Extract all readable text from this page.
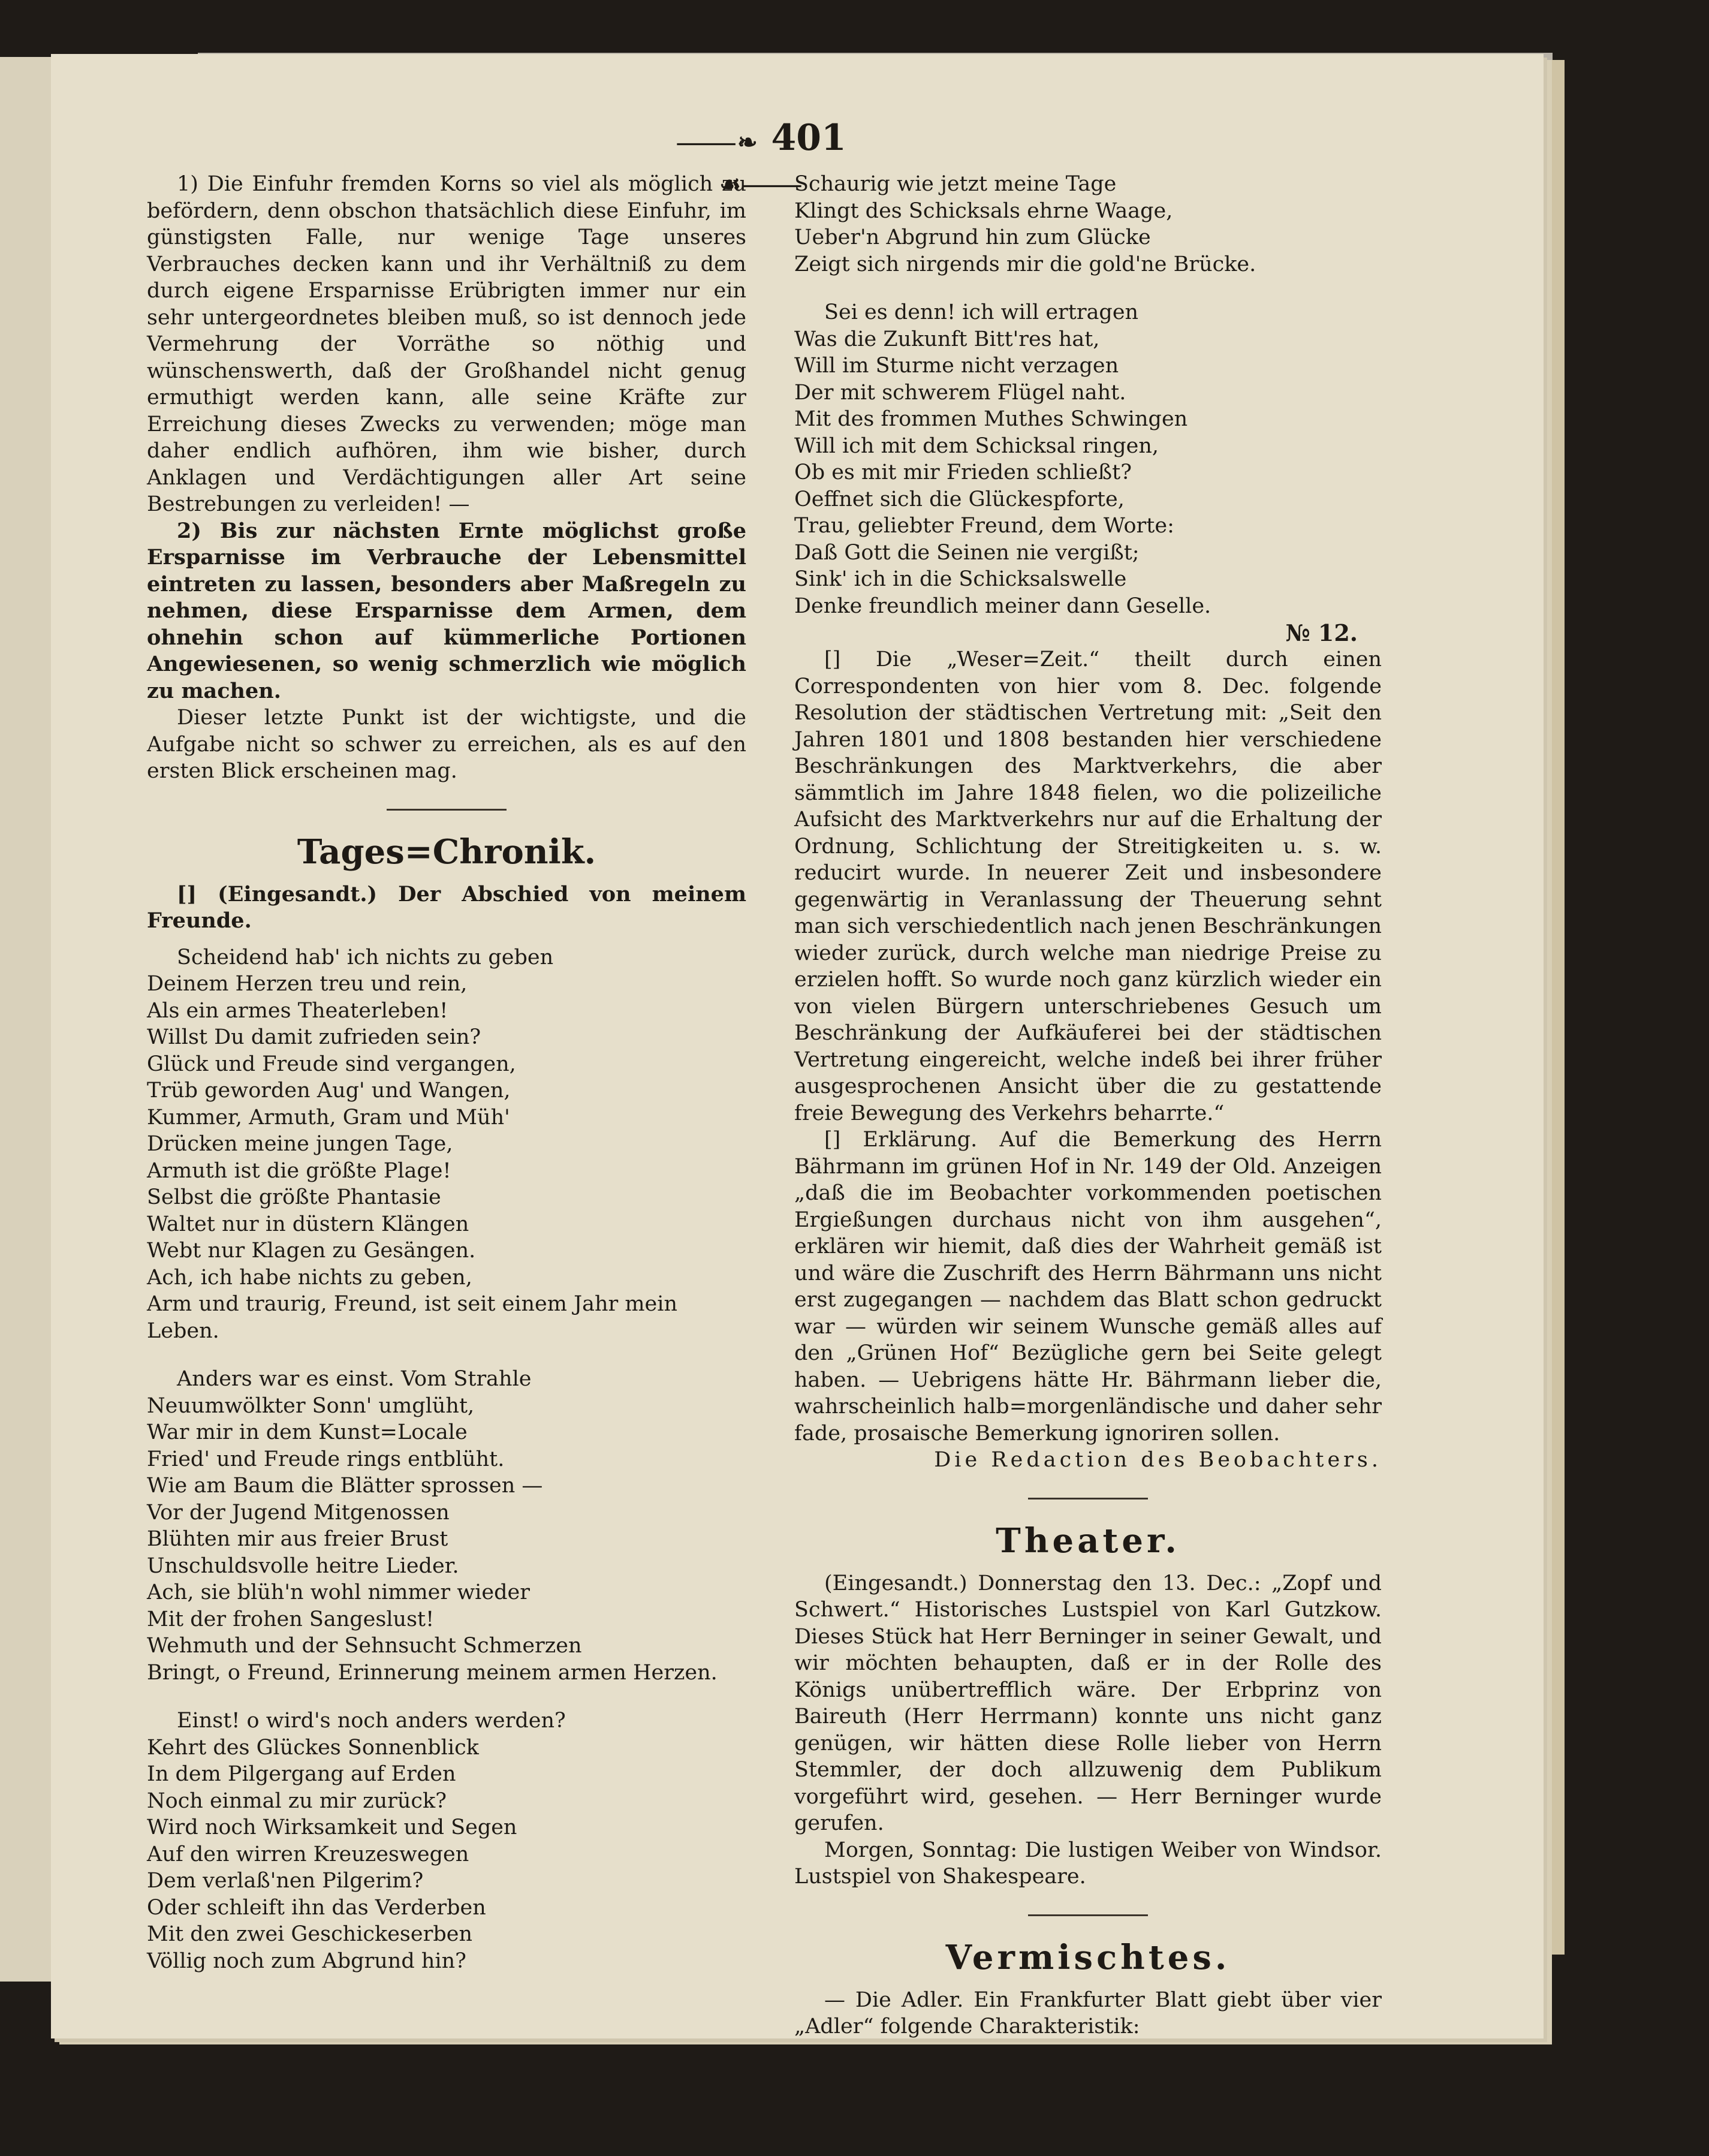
⸻❧ 401 ☙⸻

1) Die Einfuhr fremden Korns so viel als möglich zu befördern, denn obschon thatsächlich diese Einfuhr, im günstigsten Falle, nur wenige Tage unseres Verbrauches decken kann und ihr Verhältniß zu dem durch eigene Ersparnisse Erübrigten immer nur ein sehr untergeordnetes bleiben muß, so ist dennoch jede Vermehrung der Vorräthe so nöthig und wünschenswerth, daß der Großhandel nicht genug ermuthigt werden kann, alle seine Kräfte zur Erreichung dieses Zwecks zu verwenden; möge man daher endlich aufhören, ihm wie bisher, durch Anklagen und Verdächtigungen aller Art seine Bestrebungen zu verleiden! —

2) Bis zur nächsten Ernte möglichst große Ersparnisse im Verbrauche der Lebensmittel eintreten zu lassen, besonders aber Maßregeln zu nehmen, diese Ersparnisse dem Armen, dem ohnehin schon auf kümmerliche Portionen Angewiesenen, so wenig schmerzlich wie möglich zu machen.

Dieser letzte Punkt ist der wichtigste, und die Aufgabe nicht so schwer zu erreichen, als es auf den ersten Blick erscheinen mag.

Tages=Chronik.

[] (Eingesandt.) Der Abschied von meinem Freunde.

Scheidend hab' ich nichts zu geben

Deinem Herzen treu und rein,

Als ein armes Theaterleben!

Willst Du damit zufrieden sein?

Glück und Freude sind vergangen,

Trüb geworden Aug' und Wangen,

Kummer, Armuth, Gram und Müh'

Drücken meine jungen Tage,

Armuth ist die größte Plage!

Selbst die größte Phantasie

Waltet nur in düstern Klängen

Webt nur Klagen zu Gesängen.

Ach, ich habe nichts zu geben,

Arm und traurig, Freund, ist seit einem Jahr mein Leben.

Anders war es einst. Vom Strahle

Neuumwölkter Sonn' umglüht,

War mir in dem Kunst=Locale

Fried' und Freude rings entblüht.

Wie am Baum die Blätter sprossen —

Vor der Jugend Mitgenossen

Blühten mir aus freier Brust

Unschuldsvolle heitre Lieder.

Ach, sie blüh'n wohl nimmer wieder

Mit der frohen Sangeslust!

Wehmuth und der Sehnsucht Schmerzen

Bringt, o Freund, Erinnerung meinem armen Herzen.

Einst! o wird's noch anders werden?

Kehrt des Glückes Sonnenblick

In dem Pilgergang auf Erden

Noch einmal zu mir zurück?

Wird noch Wirksamkeit und Segen

Auf den wirren Kreuzeswegen

Dem verlaß'nen Pilgerim?

Oder schleift ihn das Verderben

Mit den zwei Geschickeserben

Völlig noch zum Abgrund hin?

Schaurig wie jetzt meine Tage

Klingt des Schicksals ehrne Waage,

Ueber'n Abgrund hin zum Glücke

Zeigt sich nirgends mir die gold'ne Brücke.

Sei es denn! ich will ertragen

Was die Zukunft Bitt'res hat,

Will im Sturme nicht verzagen

Der mit schwerem Flügel naht.

Mit des frommen Muthes Schwingen

Will ich mit dem Schicksal ringen,

Ob es mit mir Frieden schließt?

Oeffnet sich die Glückespforte,

Trau, geliebter Freund, dem Worte:

Daß Gott die Seinen nie vergißt;

Sink' ich in die Schicksalswelle

Denke freundlich meiner dann Geselle.

№ 12.

[] Die „Weser=Zeit.“ theilt durch einen Correspondenten von hier vom 8. Dec. folgende Resolution der städtischen Vertretung mit: „Seit den Jahren 1801 und 1808 bestanden hier verschiedene Beschränkungen des Marktverkehrs, die aber sämmtlich im Jahre 1848 fielen, wo die polizeiliche Aufsicht des Marktverkehrs nur auf die Erhaltung der Ordnung, Schlichtung der Streitigkeiten u. s. w. reducirt wurde. In neuerer Zeit und insbesondere gegenwärtig in Veranlassung der Theuerung sehnt man sich verschiedentlich nach jenen Beschränkungen wieder zurück, durch welche man niedrige Preise zu erzielen hofft. So wurde noch ganz kürzlich wieder ein von vielen Bürgern unterschriebenes Gesuch um Beschränkung der Aufkäuferei bei der städtischen Vertretung eingereicht, welche indeß bei ihrer früher ausgesprochenen Ansicht über die zu gestattende freie Bewegung des Verkehrs beharrte.“

[] Erklärung. Auf die Bemerkung des Herrn Bährmann im grünen Hof in Nr. 149 der Old. Anzeigen „daß die im Beobachter vorkommenden poetischen Ergießungen durchaus nicht von ihm ausgehen“, erklären wir hiemit, daß dies der Wahrheit gemäß ist und wäre die Zuschrift des Herrn Bährmann uns nicht erst zugegangen — nachdem das Blatt schon gedruckt war — würden wir seinem Wunsche gemäß alles auf den „Grünen Hof“ Bezügliche gern bei Seite gelegt haben. — Uebrigens hätte Hr. Bährmann lieber die, wahrscheinlich halb=morgenländische und daher sehr fade, prosaische Bemerkung ignoriren sollen.

Die Redaction des Beobachters.

Theater.

(Eingesandt.) Donnerstag den 13. Dec.: „Zopf und Schwert.“ Historisches Lustspiel von Karl Gutzkow. Dieses Stück hat Herr Berninger in seiner Gewalt, und wir möchten behaupten, daß er in der Rolle des Königs unübertrefflich wäre. Der Erbprinz von Baireuth (Herr Herrmann) konnte uns nicht ganz genügen, wir hätten diese Rolle lieber von Herrn Stemmler, der doch allzuwenig dem Publikum vorgeführt wird, gesehen. — Herr Berninger wurde gerufen.

Morgen, Sonntag: Die lustigen Weiber von Windsor. Lustspiel von Shakespeare.

Vermischtes.

— Die Adler. Ein Frankfurter Blatt giebt über vier „Adler“ folgende Charakteristik:
